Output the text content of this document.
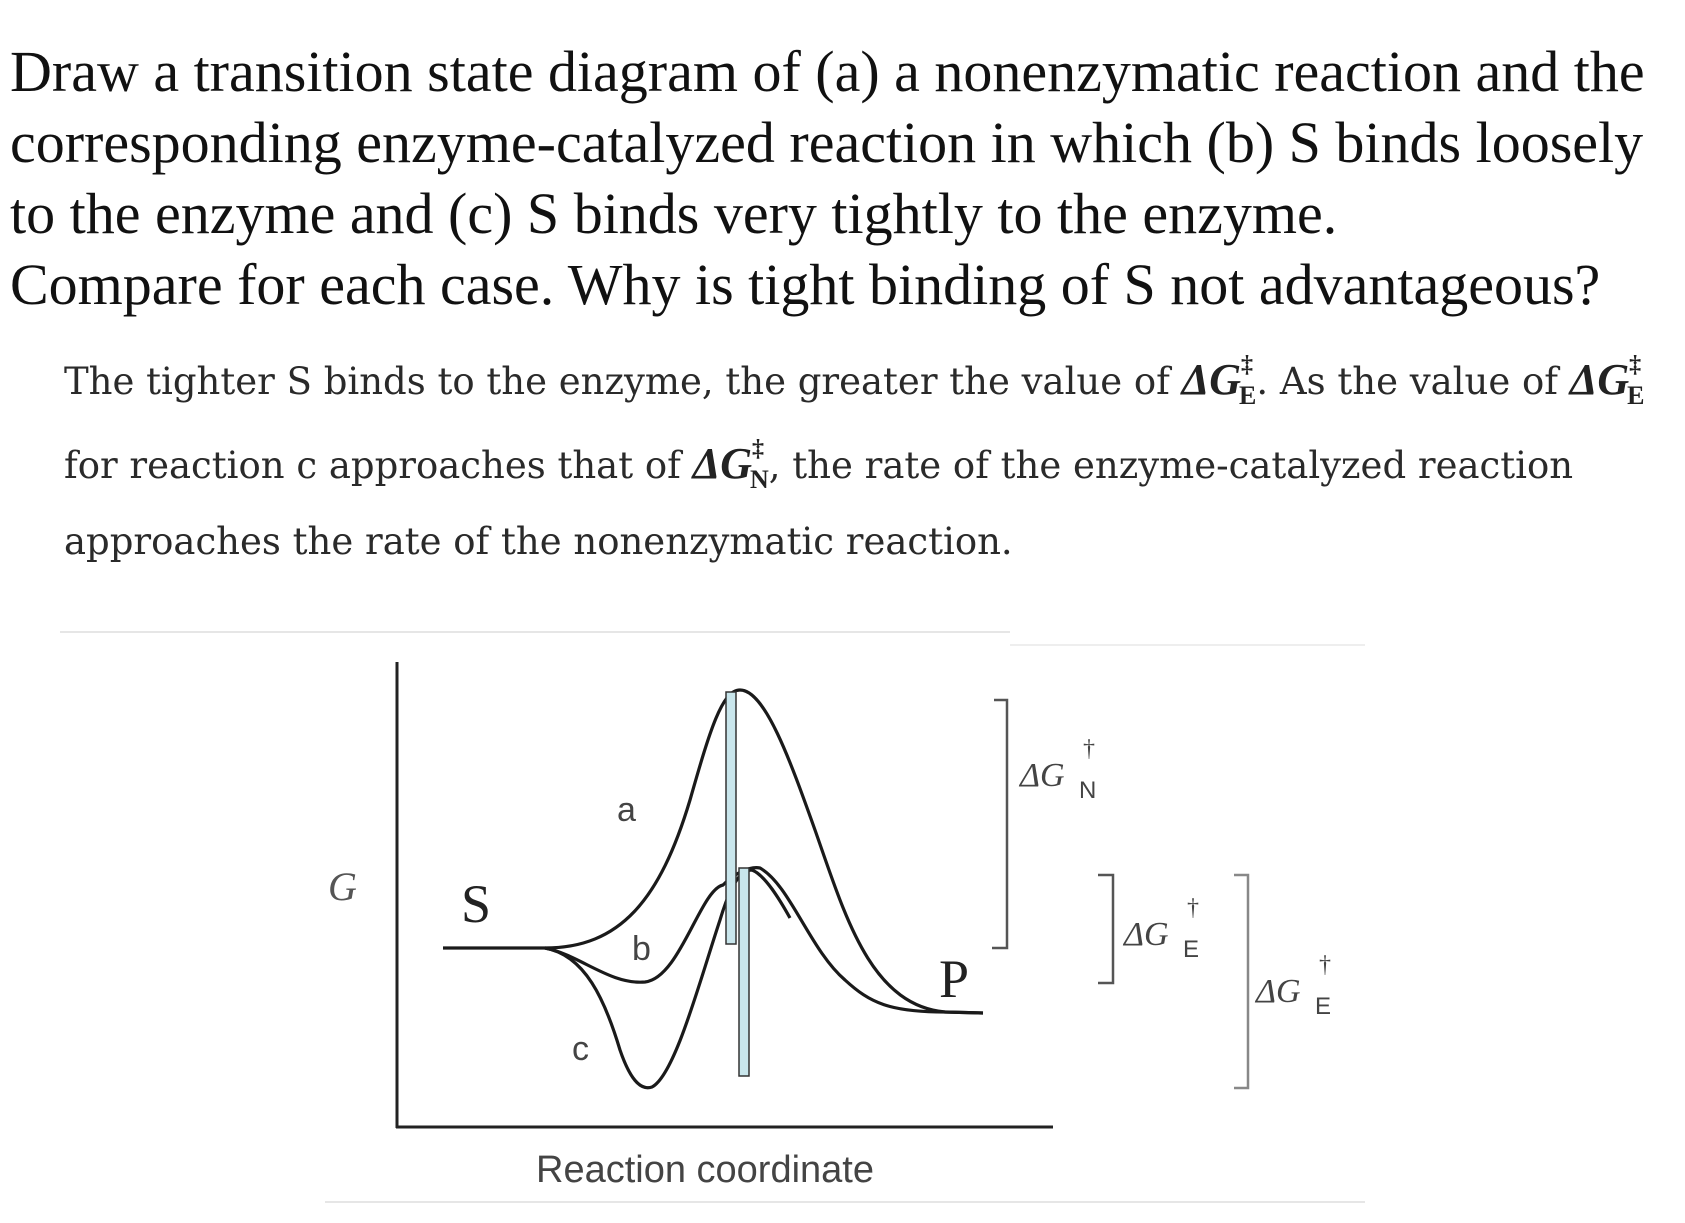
Draw a transition state diagram of (a) a nonenzymatic reaction and the
corresponding enzyme-catalyzed reaction in which (b) S binds loosely
to the enzyme and (c) S binds very tightly to the enzyme.
Compare for each case. Why is tight binding of S not advantageous?
The tighter S binds to the enzyme, the greater the value of $\Delta G^\ddagger_E$. As the value of $\Delta G^\ddagger_E$
for reaction c approaches that of $\Delta G^\ddagger_N$, the rate of the enzyme-catalyzed reaction
approaches the rate of the nonenzymatic reaction.
G
Reaction coordinate
S
P
a
b
c
ΔG
†
N
ΔG
†
E
ΔG
†
E
